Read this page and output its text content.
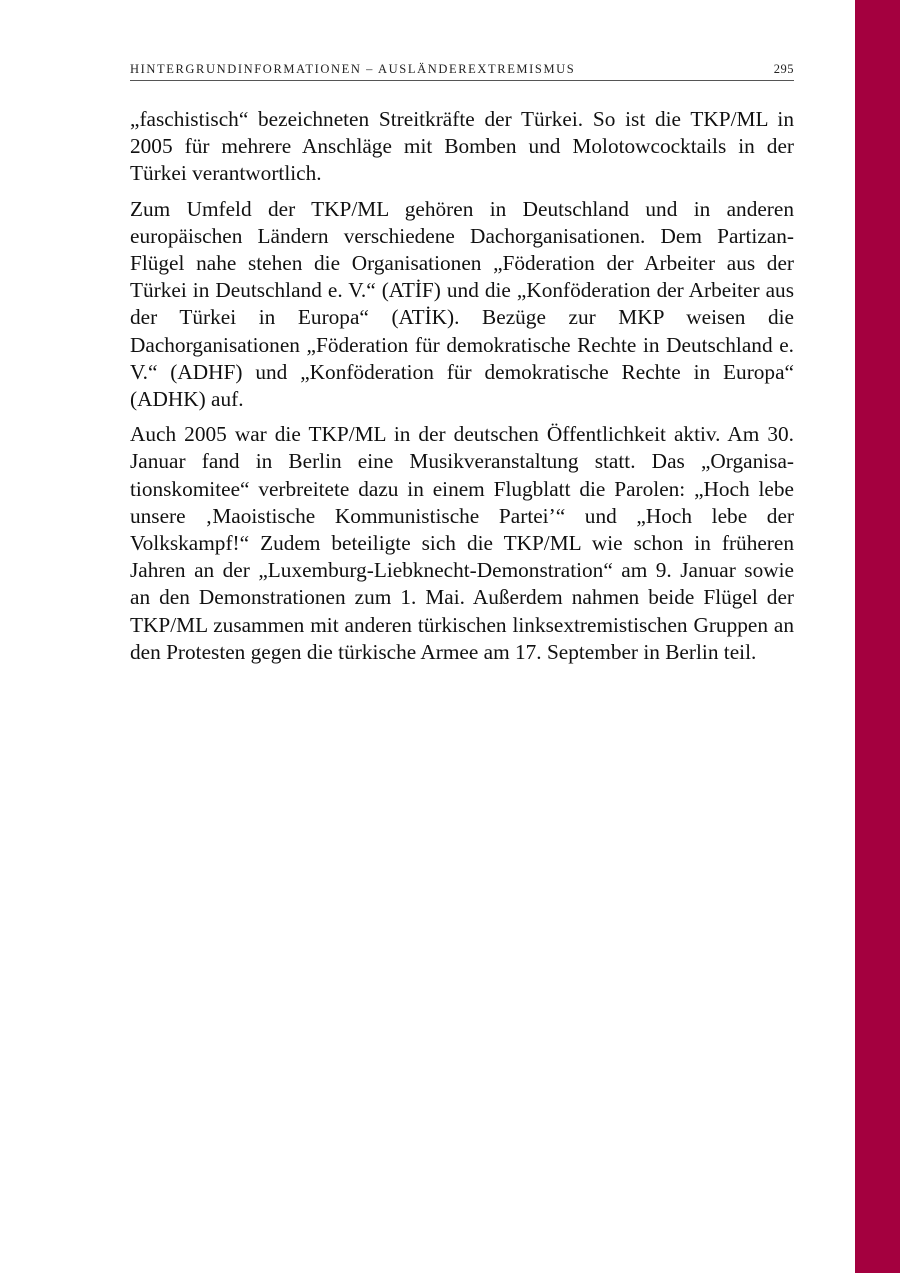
HINTERGRUNDINFORMATIONEN – AUSLÄNDEREXTREMISMUS	295

„faschistisch“ bezeichneten Streitkräfte der Türkei. So ist die TKP/ML in 2005 für mehrere Anschläge mit Bomben und Molotowcocktails in der Türkei verantwortlich.

Zum Umfeld der TKP/ML gehören in Deutschland und in anderen europäischen Ländern verschiedene Dachorganisationen. Dem Partizan-Flügel nahe stehen die Organisationen „Föderation der Arbeiter aus der Türkei in Deutschland e. V.“ (ATİF) und die „Konföderation der Arbeiter aus der Türkei in Europa“ (ATİK). Bezüge zur MKP weisen die Dachorganisationen „Föderation für demokratische Rechte in Deutschland e. V.“ (ADHF) und „Konföderation für demokratische Rechte in Europa“ (ADHK) auf.

Auch 2005 war die TKP/ML in der deutschen Öffentlichkeit aktiv. Am 30. Januar fand in Berlin eine Musikveranstaltung statt. Das „Organisationskomitee“ verbreitete dazu in einem Flugblatt die Parolen: „Hoch lebe unsere ‚Maoistische Kommunistische Partei’“ und „Hoch lebe der Volkskampf!“ Zudem beteiligte sich die TKP/ML wie schon in früheren Jahren an der „Luxemburg-Liebknecht-Demonstration“ am 9. Januar sowie an den Demonstrationen zum 1. Mai. Außerdem nahmen beide Flügel der TKP/ML zusammen mit anderen türkischen linksextremistischen Gruppen an den Protesten gegen die türkische Armee am 17. September in Berlin teil.
